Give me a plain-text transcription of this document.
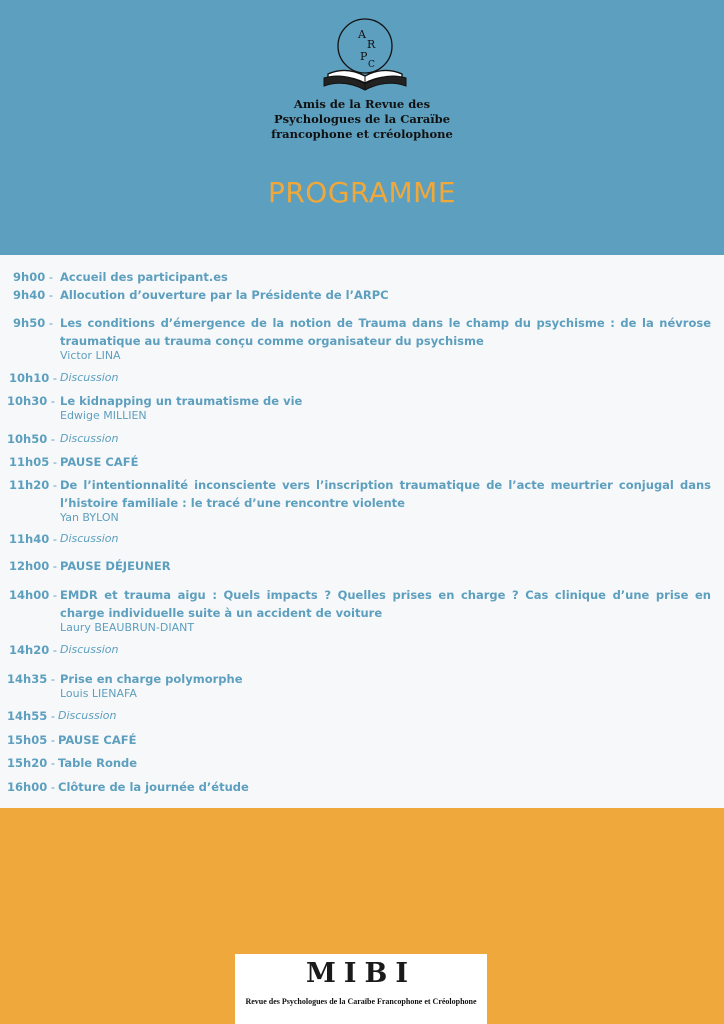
A
R
P
C
Amis de la Revue des
Psychologues de la Caraïbe
francophone et créolophone
PROGRAMME
9h00 -	Accueil des participant.es
9h40 -	Allocution d’ouverture par la Présidente de l’ARPC
9h50 -	Les conditions d’émergence de la notion de Trauma dans le champ du psychisme : de la névrose traumatique au trauma conçu comme organisateur du psychisme
Victor LINA
10h10 - Discussion
10h30 -	Le kidnapping un traumatisme de vie
Edwige MILLIEN
10h50 -	Discussion
11h05 - PAUSE CAFÉ
11h20 - De l’intentionnalité inconsciente vers l’inscription traumatique de l’acte meurtrier conjugal dans l’histoire familiale : le tracé d’une rencontre violente
Yan BYLON
11h40 - Discussion
12h00 - PAUSE DÉJEUNER
14h00 - EMDR et trauma aigu : Quels impacts ? Quelles prises en charge ? Cas clinique d’une prise en charge individuelle suite à un accident de voiture
Laury BEAUBRUN-DIANT
14h20 - Discussion
14h35 -	Prise en charge polymorphe
Louis LIENAFA
14h55 - Discussion
15h05 - PAUSE CAFÉ
15h20 - Table Ronde
16h00 - Clôture de la journée d’étude
MIBI
Revue des Psychologues de la Caraïbe Francophone et Créolophone
